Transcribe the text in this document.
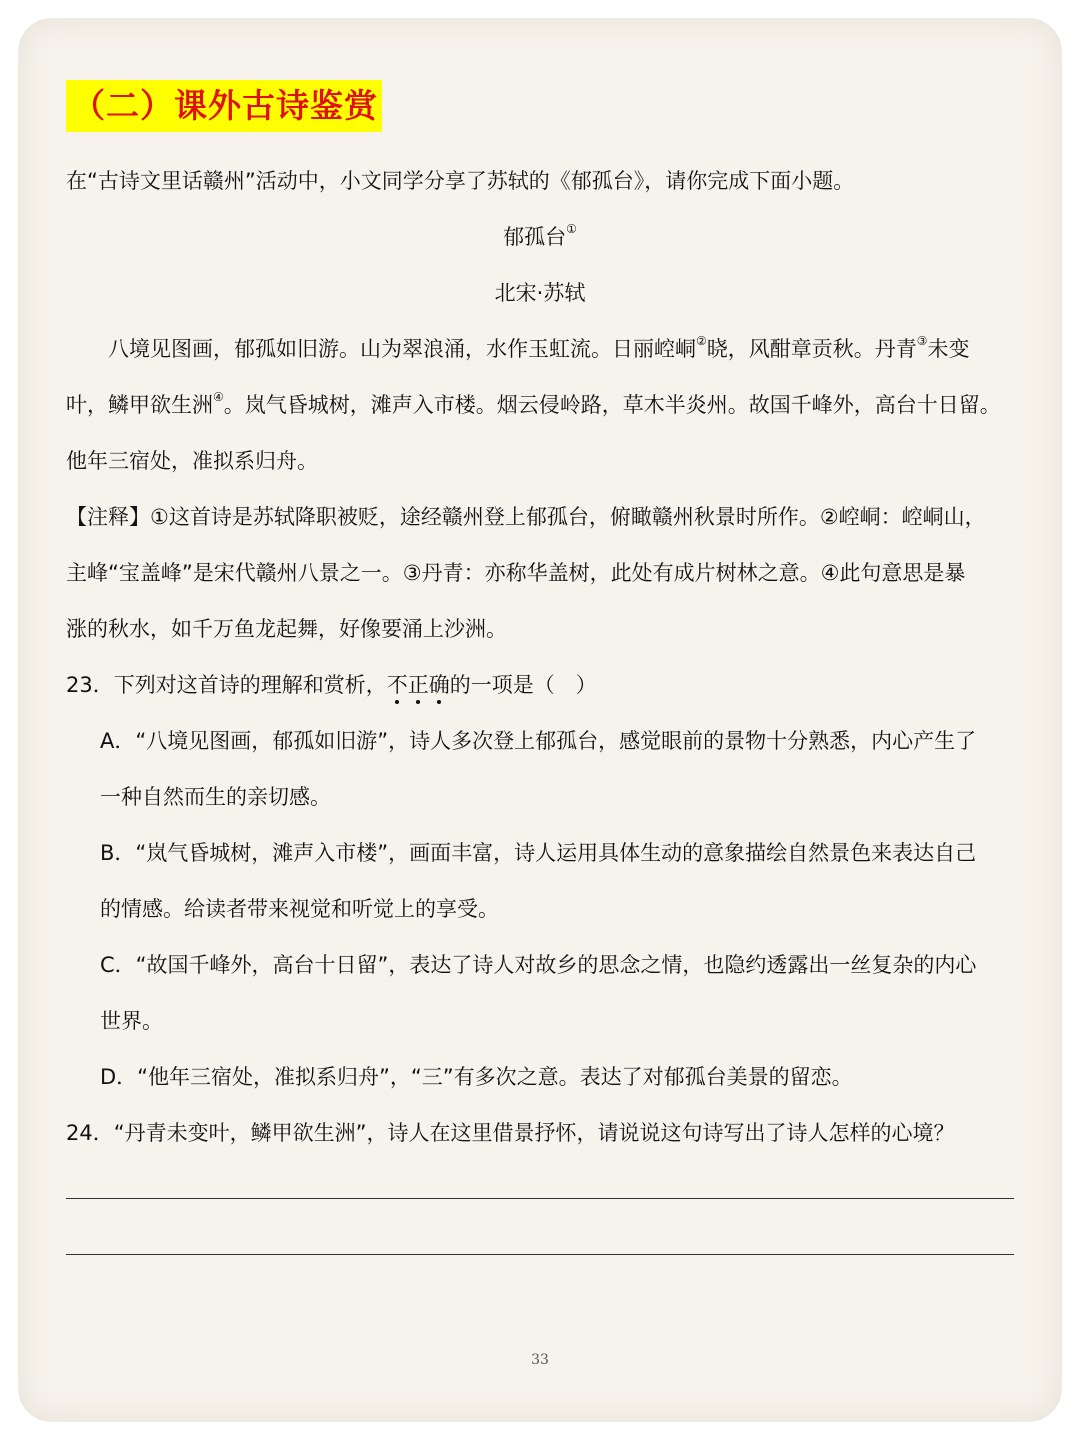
（二）课外古诗鉴赏
在“古诗文里话赣州”活动中，小文同学分享了苏轼的《郁孤台》，请你完成下面小题。
郁孤台①
北宋·苏轼
　　八境见图画，郁孤如旧游。山为翠浪涌，水作玉虹流。日丽崆峒②晓，风酣章贡秋。丹青③未变
叶，鳞甲欲生洲④。岚气昏城树，滩声入市楼。烟云侵岭路，草木半炎州。故国千峰外，高台十日留。
他年三宿处，准拟系归舟。
【注释】①这首诗是苏轼降职被贬，途经赣州登上郁孤台，俯瞰赣州秋景时所作。②崆峒：崆峒山，
主峰“宝盖峰”是宋代赣州八景之一。③丹青：亦称华盖树，此处有成片树林之意。④此句意思是暴
涨的秋水，如千万鱼龙起舞，好像要涌上沙洲。
23．下列对这首诗的理解和赏析，不正确的一项是（　）
A．“八境见图画，郁孤如旧游”，诗人多次登上郁孤台，感觉眼前的景物十分熟悉，内心产生了
一种自然而生的亲切感。
B．“岚气昏城树，滩声入市楼”，画面丰富，诗人运用具体生动的意象描绘自然景色来表达自己
的情感。给读者带来视觉和听觉上的享受。
C．“故国千峰外，高台十日留”，表达了诗人对故乡的思念之情，也隐约透露出一丝复杂的内心
世界。
D．“他年三宿处，准拟系归舟”，“三”有多次之意。表达了对郁孤台美景的留恋。
24．“丹青未变叶，鳞甲欲生洲”，诗人在这里借景抒怀，请说说这句诗写出了诗人怎样的心境？
33
